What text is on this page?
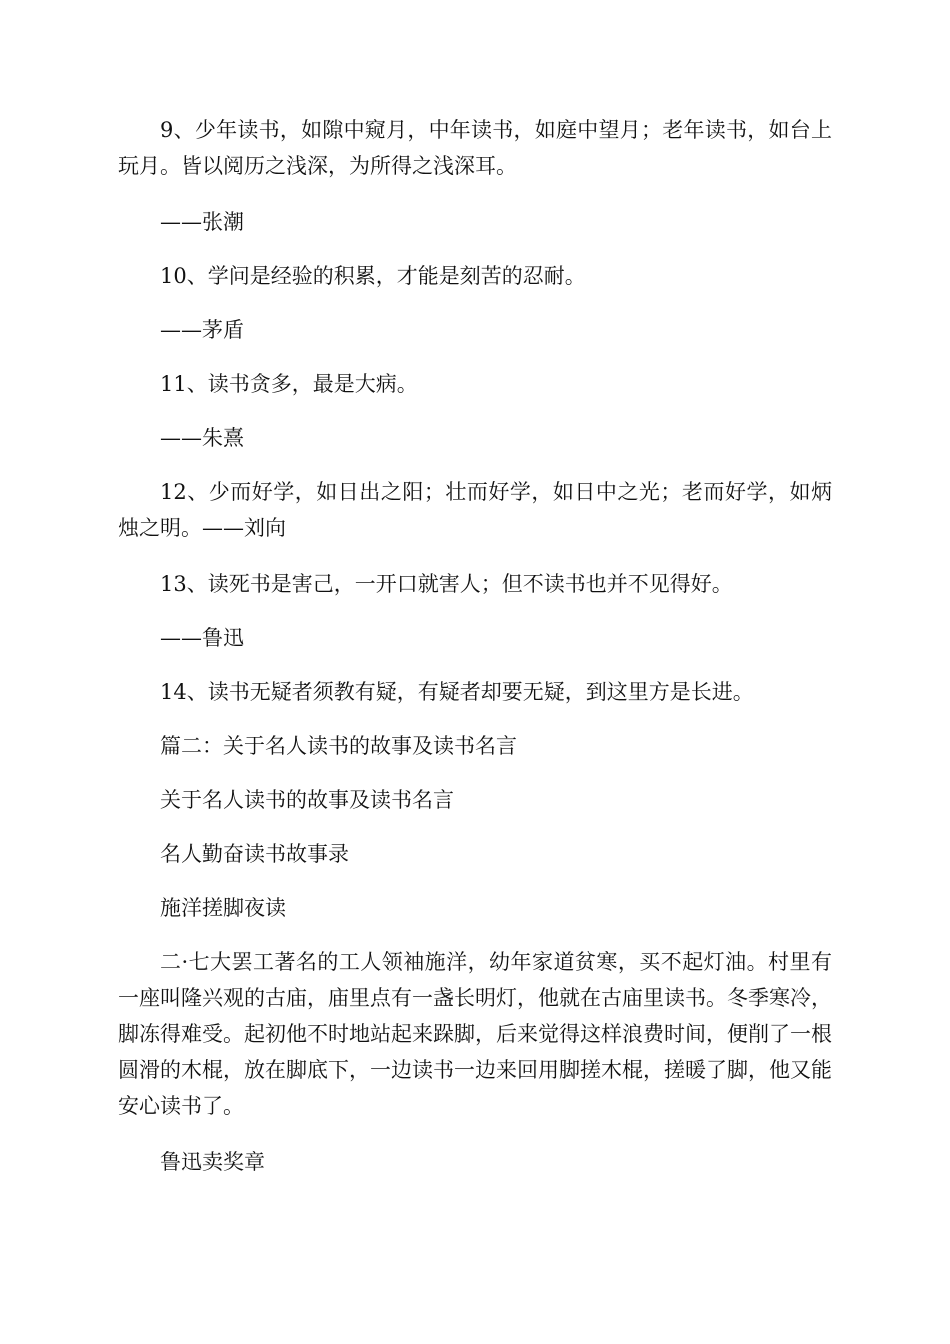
9、少年读书，如隙中窥月，中年读书，如庭中望月；老年读书，如台上玩月。皆以阅历之浅深，为所得之浅深耳。

——张潮

10、学问是经验的积累，才能是刻苦的忍耐。

——茅盾

11、读书贪多，最是大病。

——朱熹

12、少而好学，如日出之阳；壮而好学，如日中之光；老而好学，如炳烛之明。——刘向

13、读死书是害己，一开口就害人；但不读书也并不见得好。

——鲁迅

14、读书无疑者须教有疑，有疑者却要无疑，到这里方是长进。

篇二：关于名人读书的故事及读书名言

关于名人读书的故事及读书名言

名人勤奋读书故事录

施洋搓脚夜读

二·七大罢工著名的工人领袖施洋，幼年家道贫寒，买不起灯油。村里有一座叫隆兴观的古庙，庙里点有一盏长明灯，他就在古庙里读书。冬季寒冷，脚冻得难受。起初他不时地站起来跺脚，后来觉得这样浪费时间，便削了一根圆滑的木棍，放在脚底下，一边读书一边来回用脚搓木棍，搓暖了脚，他又能安心读书了。

鲁迅卖奖章
